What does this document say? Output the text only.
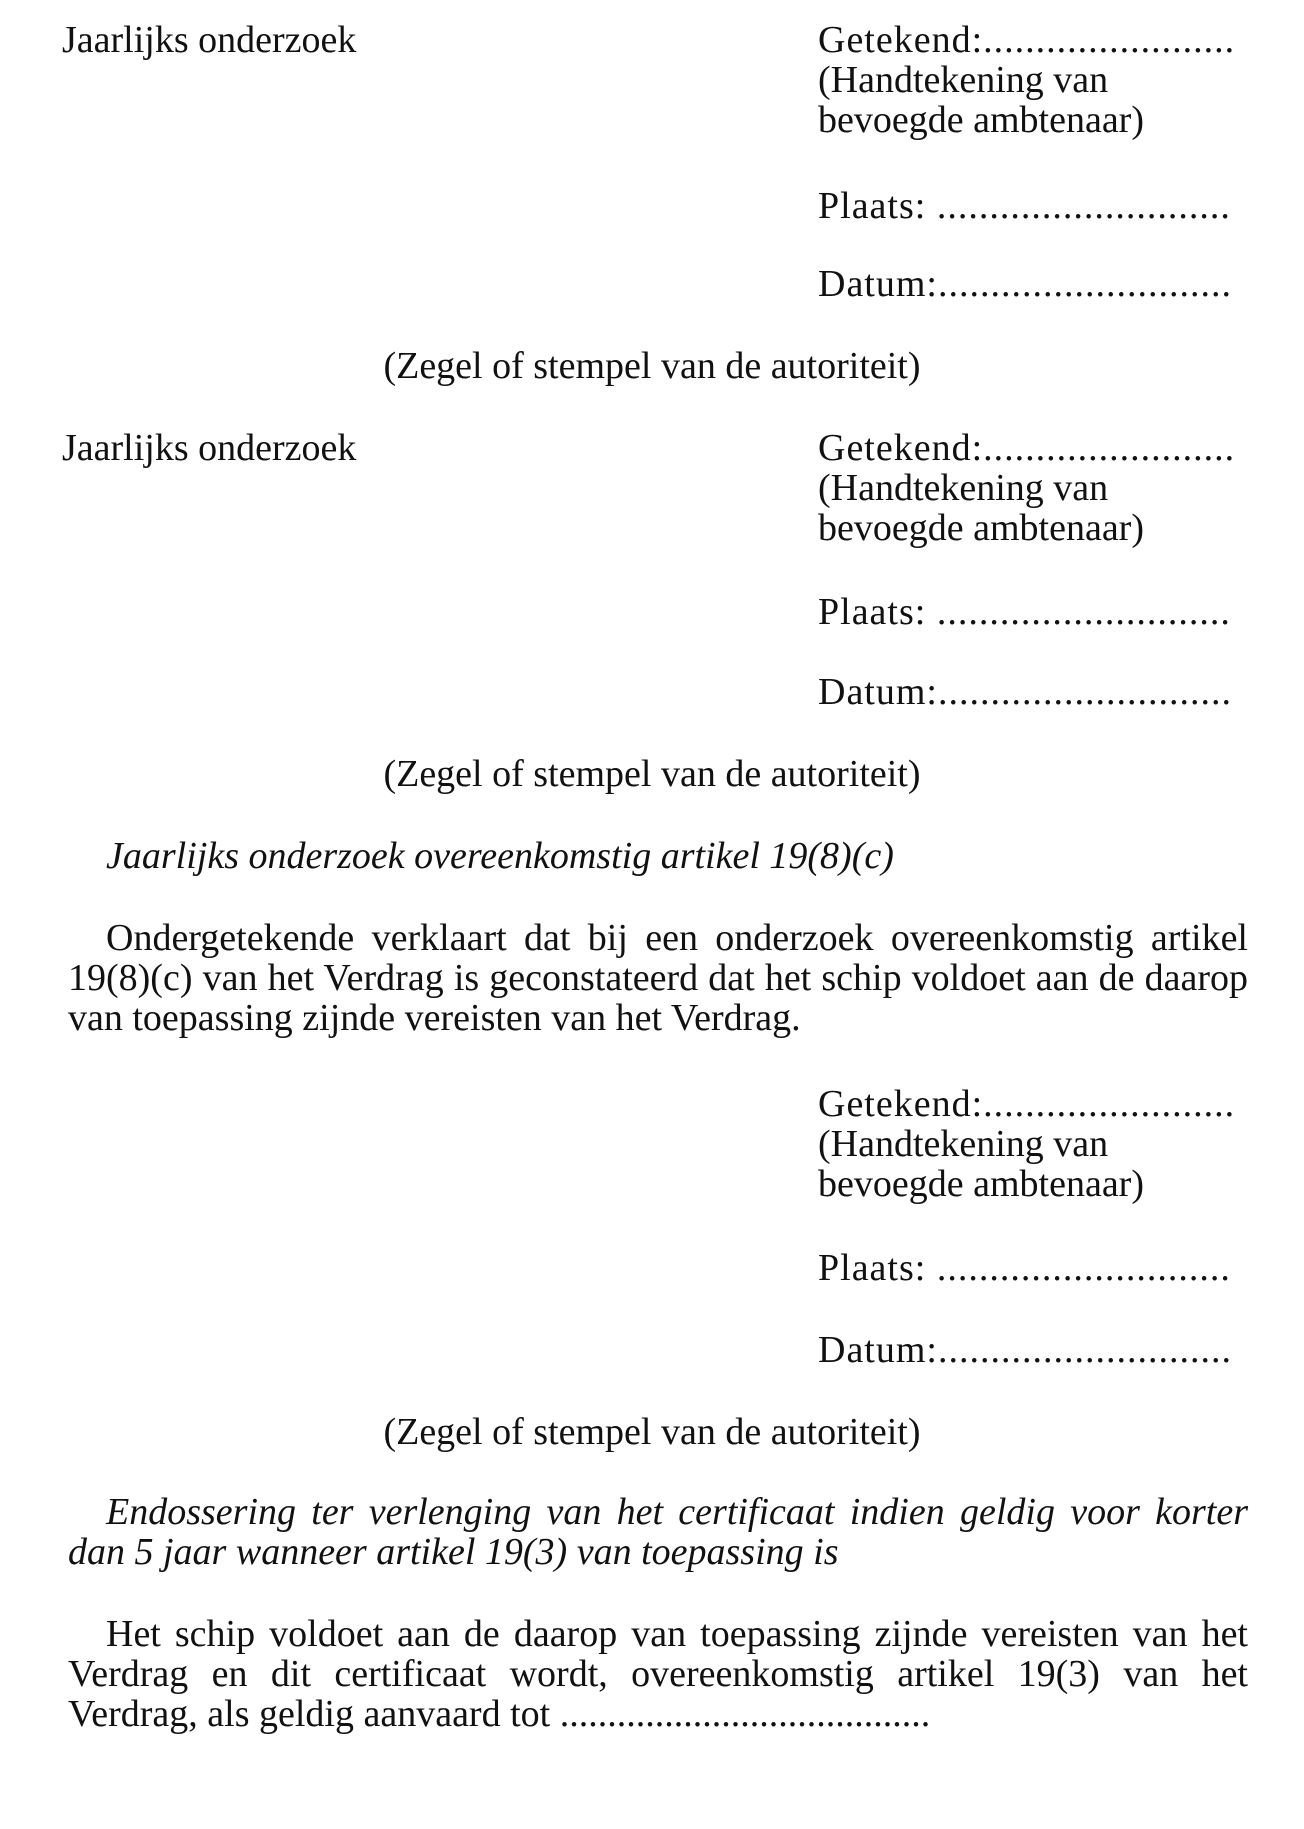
Jaarlijks onderzoek	Getekend:........................
(Handtekening van
bevoegde ambtenaar)
Plaats: ............................
Datum:............................
(Zegel of stempel van de autoriteit)
Jaarlijks onderzoek	Getekend:........................
(Handtekening van
bevoegde ambtenaar)
Plaats: ............................
Datum:............................
(Zegel of stempel van de autoriteit)
Jaarlijks onderzoek overeenkomstig artikel 19(8)(c)

Ondergetekende verklaart dat bij een onderzoek overeenkomstig artikel 19(8)(c) van het Verdrag is geconstateerd dat het schip voldoet aan de daarop van toepassing zijnde vereisten van het Verdrag.

Getekend:........................
(Handtekening van
bevoegde ambtenaar)
Plaats: ............................
Datum:............................
(Zegel of stempel van de autoriteit)

Endossering ter verlenging van het certificaat indien geldig voor korter dan 5 jaar wanneer artikel 19(3) van toepassing is

Het schip voldoet aan de daarop van toepassing zijnde vereisten van het Verdrag en dit certificaat wordt, overeenkomstig artikel 19(3) van het Verdrag, als geldig aanvaard tot .......................................
